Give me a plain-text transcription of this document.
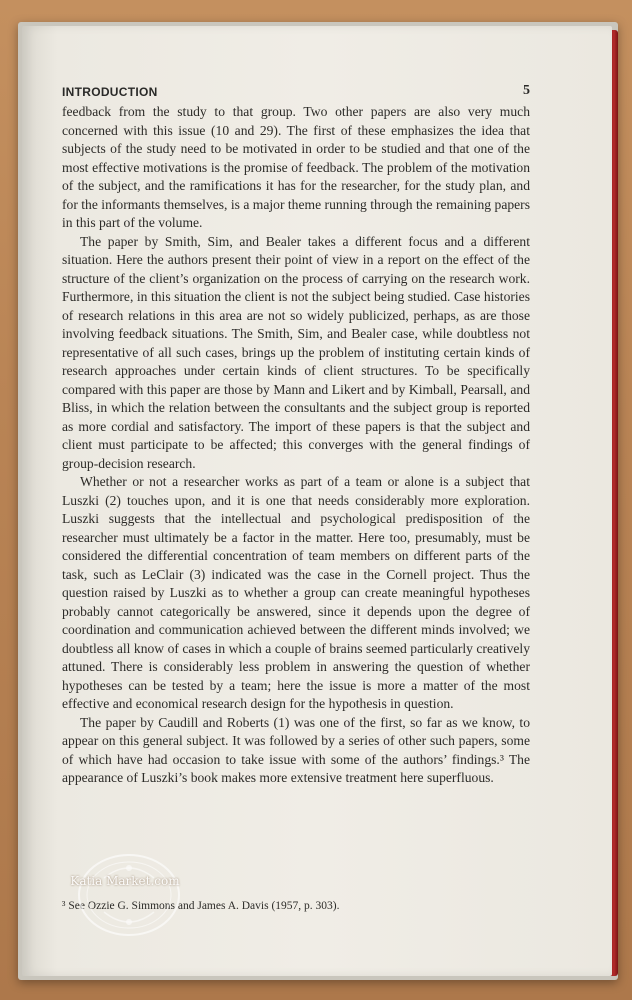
INTRODUCTION	5

feedback from the study to that group. Two other papers are also very much concerned with this issue (10 and 29). The first of these emphasizes the idea that subjects of the study need to be motivated in order to be studied and that one of the most effective motivations is the promise of feedback. The problem of the motivation of the subject, and the ramifications it has for the researcher, for the study plan, and for the informants themselves, is a major theme running through the remaining papers in this part of the volume.

The paper by Smith, Sim, and Bealer takes a different focus and a different situation. Here the authors present their point of view in a report on the effect of the structure of the client’s organization on the process of carrying on the research work. Furthermore, in this situation the client is not the subject being studied. Case histories of research relations in this area are not so widely publicized, perhaps, as are those involving feedback situations. The Smith, Sim, and Bealer case, while doubtless not representative of all such cases, brings up the problem of instituting certain kinds of research approaches under certain kinds of client structures. To be specifically compared with this paper are those by Mann and Likert and by Kimball, Pearsall, and Bliss, in which the relation between the consultants and the subject group is reported as more cordial and satisfactory. The import of these papers is that the subject and client must participate to be affected; this converges with the general findings of group-decision research.

Whether or not a researcher works as part of a team or alone is a subject that Luszki (2) touches upon, and it is one that needs considerably more exploration. Luszki suggests that the intellectual and psychological predisposition of the researcher must ultimately be a factor in the matter. Here too, presumably, must be considered the differential concentration of team members on different parts of the task, such as LeClair (3) indicated was the case in the Cornell project. Thus the question raised by Luszki as to whether a group can create meaningful hypotheses probably cannot categorically be answered, since it depends upon the degree of coordination and communication achieved between the different minds involved; we doubtless all know of cases in which a couple of brains seemed particularly creatively attuned. There is considerably less problem in answering the question of whether hypotheses can be tested by a team; here the issue is more a matter of the most effective and economical research design for the hypothesis in question.

The paper by Caudill and Roberts (1) was one of the first, so far as we know, to appear on this general subject. It was followed by a series of other such papers, some of which have had occasion to take issue with some of the authors’ findings.³ The appearance of Luszki’s book makes more extensive treatment here superfluous.

³ See Ozzie G. Simmons and James A. Davis (1957, p. 303).
Katia Market.com
